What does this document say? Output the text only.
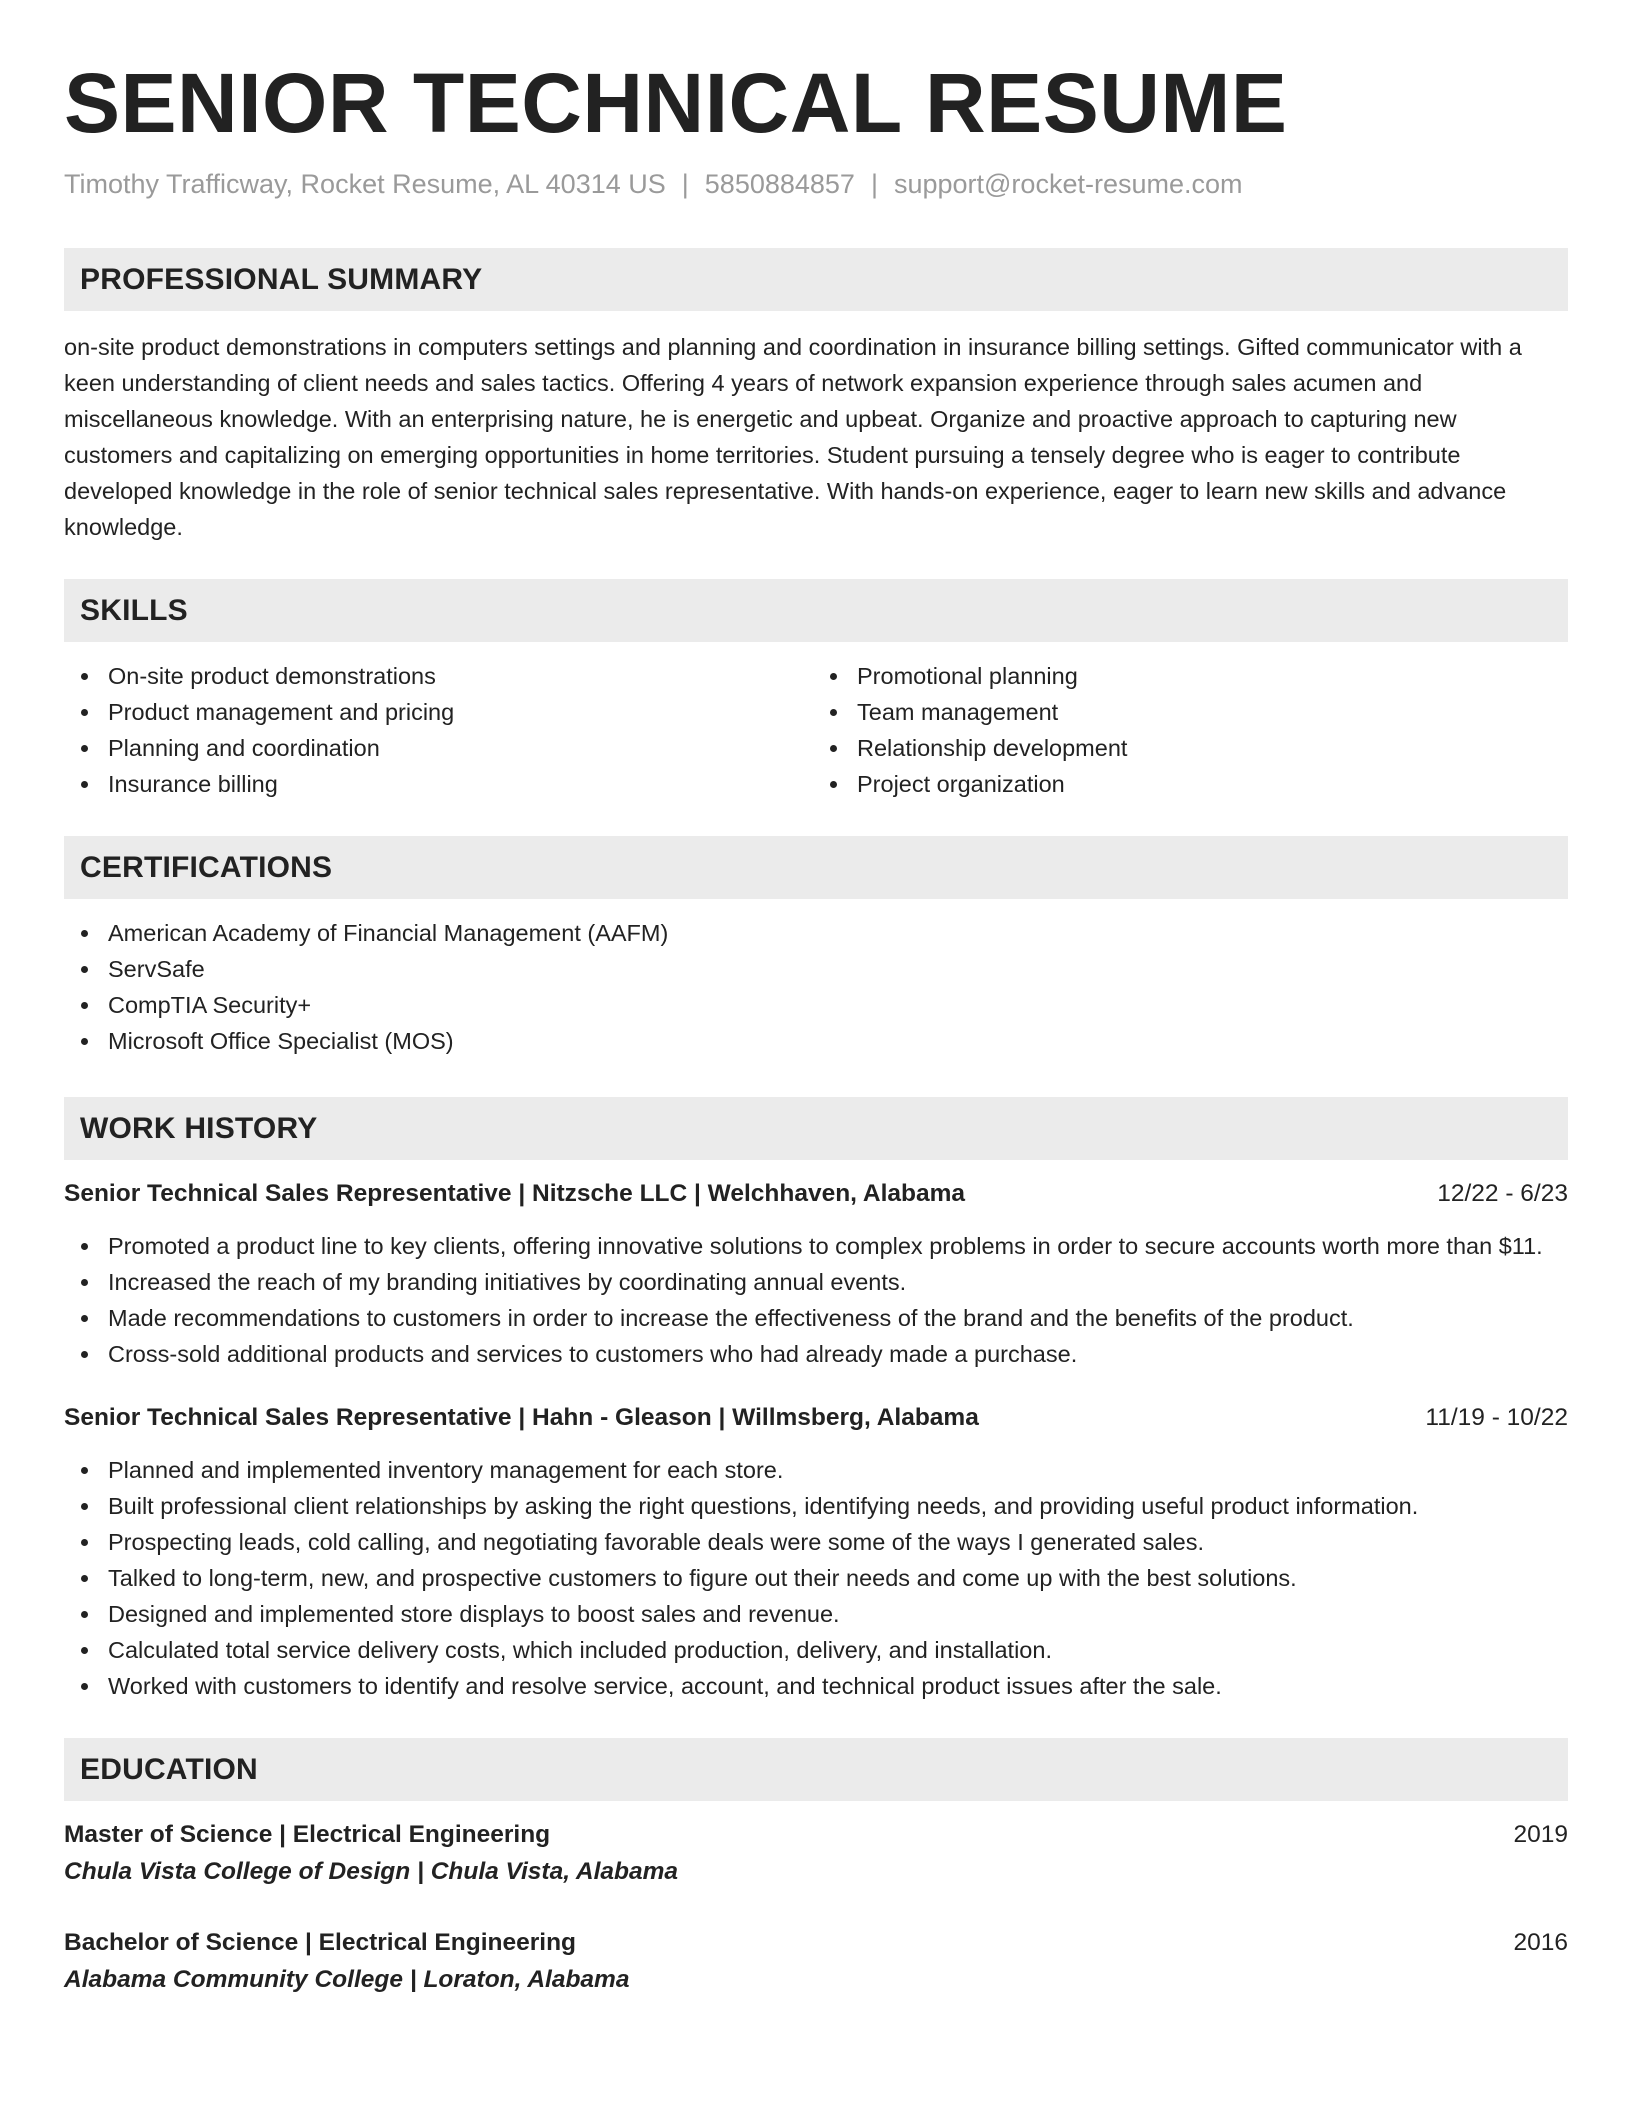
SENIOR TECHNICAL RESUME
Timothy Trafficway, Rocket Resume, AL 40314 US | 5850884857 | support@rocket-resume.com
PROFESSIONAL SUMMARY

on-site product demonstrations in computers settings and planning and coordination in insurance billing settings. Gifted communicator with a keen understanding of client needs and sales tactics. Offering 4 years of network expansion experience through sales acumen and miscellaneous knowledge. With an enterprising nature, he is energetic and upbeat. Organize and proactive approach to capturing new customers and capitalizing on emerging opportunities in home territories. Student pursuing a tensely degree who is eager to contribute developed knowledge in the role of senior technical sales representative. With hands-on experience, eager to learn new skills and advance knowledge.

SKILLS
On-site product demonstrations
Product management and pricing
Planning and coordination
Insurance billing
Promotional planning
Team management
Relationship development
Project organization
CERTIFICATIONS
American Academy of Financial Management (AAFM)
ServSafe
CompTIA Security+
Microsoft Office Specialist (MOS)
WORK HISTORY
Senior Technical Sales Representative | Nitzsche LLC | Welchhaven, Alabama	12/22 - 6/23
Promoted a product line to key clients, offering innovative solutions to complex problems in order to secure accounts worth more than $11.
Increased the reach of my branding initiatives by coordinating annual events.
Made recommendations to customers in order to increase the effectiveness of the brand and the benefits of the product.
Cross-sold additional products and services to customers who had already made a purchase.
Senior Technical Sales Representative | Hahn - Gleason | Willmsberg, Alabama	11/19 - 10/22
Planned and implemented inventory management for each store.
Built professional client relationships by asking the right questions, identifying needs, and providing useful product information.
Prospecting leads, cold calling, and negotiating favorable deals were some of the ways I generated sales.
Talked to long-term, new, and prospective customers to figure out their needs and come up with the best solutions.
Designed and implemented store displays to boost sales and revenue.
Calculated total service delivery costs, which included production, delivery, and installation.
Worked with customers to identify and resolve service, account, and technical product issues after the sale.
EDUCATION
Master of Science | Electrical Engineering	2019
Chula Vista College of Design | Chula Vista, Alabama
Bachelor of Science | Electrical Engineering	2016
Alabama Community College | Loraton, Alabama
